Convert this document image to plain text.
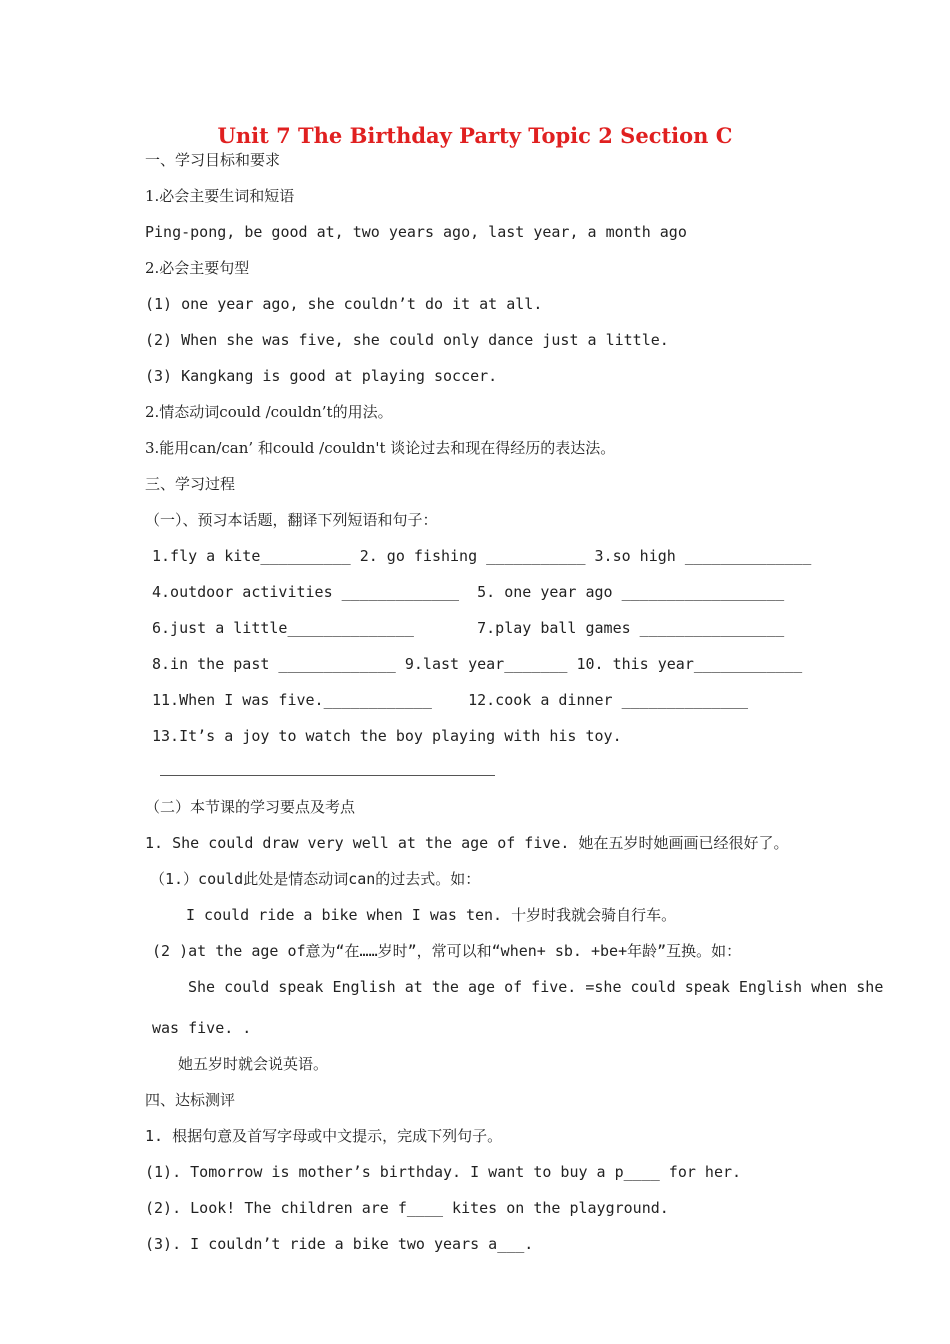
Unit 7 The Birthday Party Topic 2 Section C
一、学习目标和要求
1.必会主要生词和短语
Ping-pong, be good at, two years ago, last year, a month ago
2.必会主要句型
(1) one year ago, she couldn’t do it at all.
(2) When she was five, she could only dance just a little.
(3) Kangkang is good at playing soccer.
2.情态动词could /couldn’t的用法。
3.能用can/can’ 和could /couldn't 谈论过去和现在得经历的表达法。
三、学习过程
（一）、预习本话题，翻译下列短语和句子：
1.fly a kite__________ 2. go fishing ___________ 3.so high ______________
4.outdoor activities _____________  5. one year ago __________________
6.just a little______________       7.play ball games ________________
8.in the past _____________ 9.last year_______ 10. this year____________
11.When I was five.____________    12.cook a dinner ______________
13.It’s a joy to watch the boy playing with his toy.
（二）本节课的学习要点及考点
1. She could draw very well at the age of five. 她在五岁时她画画已经很好了。
（1.）could此处是情态动词can的过去式。如：
I could ride a bike when I was ten. 十岁时我就会骑自行车。
(2 )at the age of意为“在……岁时”，常可以和“when+ sb. +be+年龄”互换。如：
She could speak English at the age of five. =she could speak English when she
was five. .
她五岁时就会说英语。
四、达标测评
1. 根据句意及首写字母或中文提示，完成下列句子。
(1). Tomorrow is mother’s birthday. I want to buy a p____ for her.
(2). Look! The children are f____ kites on the playground.
(3). I couldn’t ride a bike two years a___.
